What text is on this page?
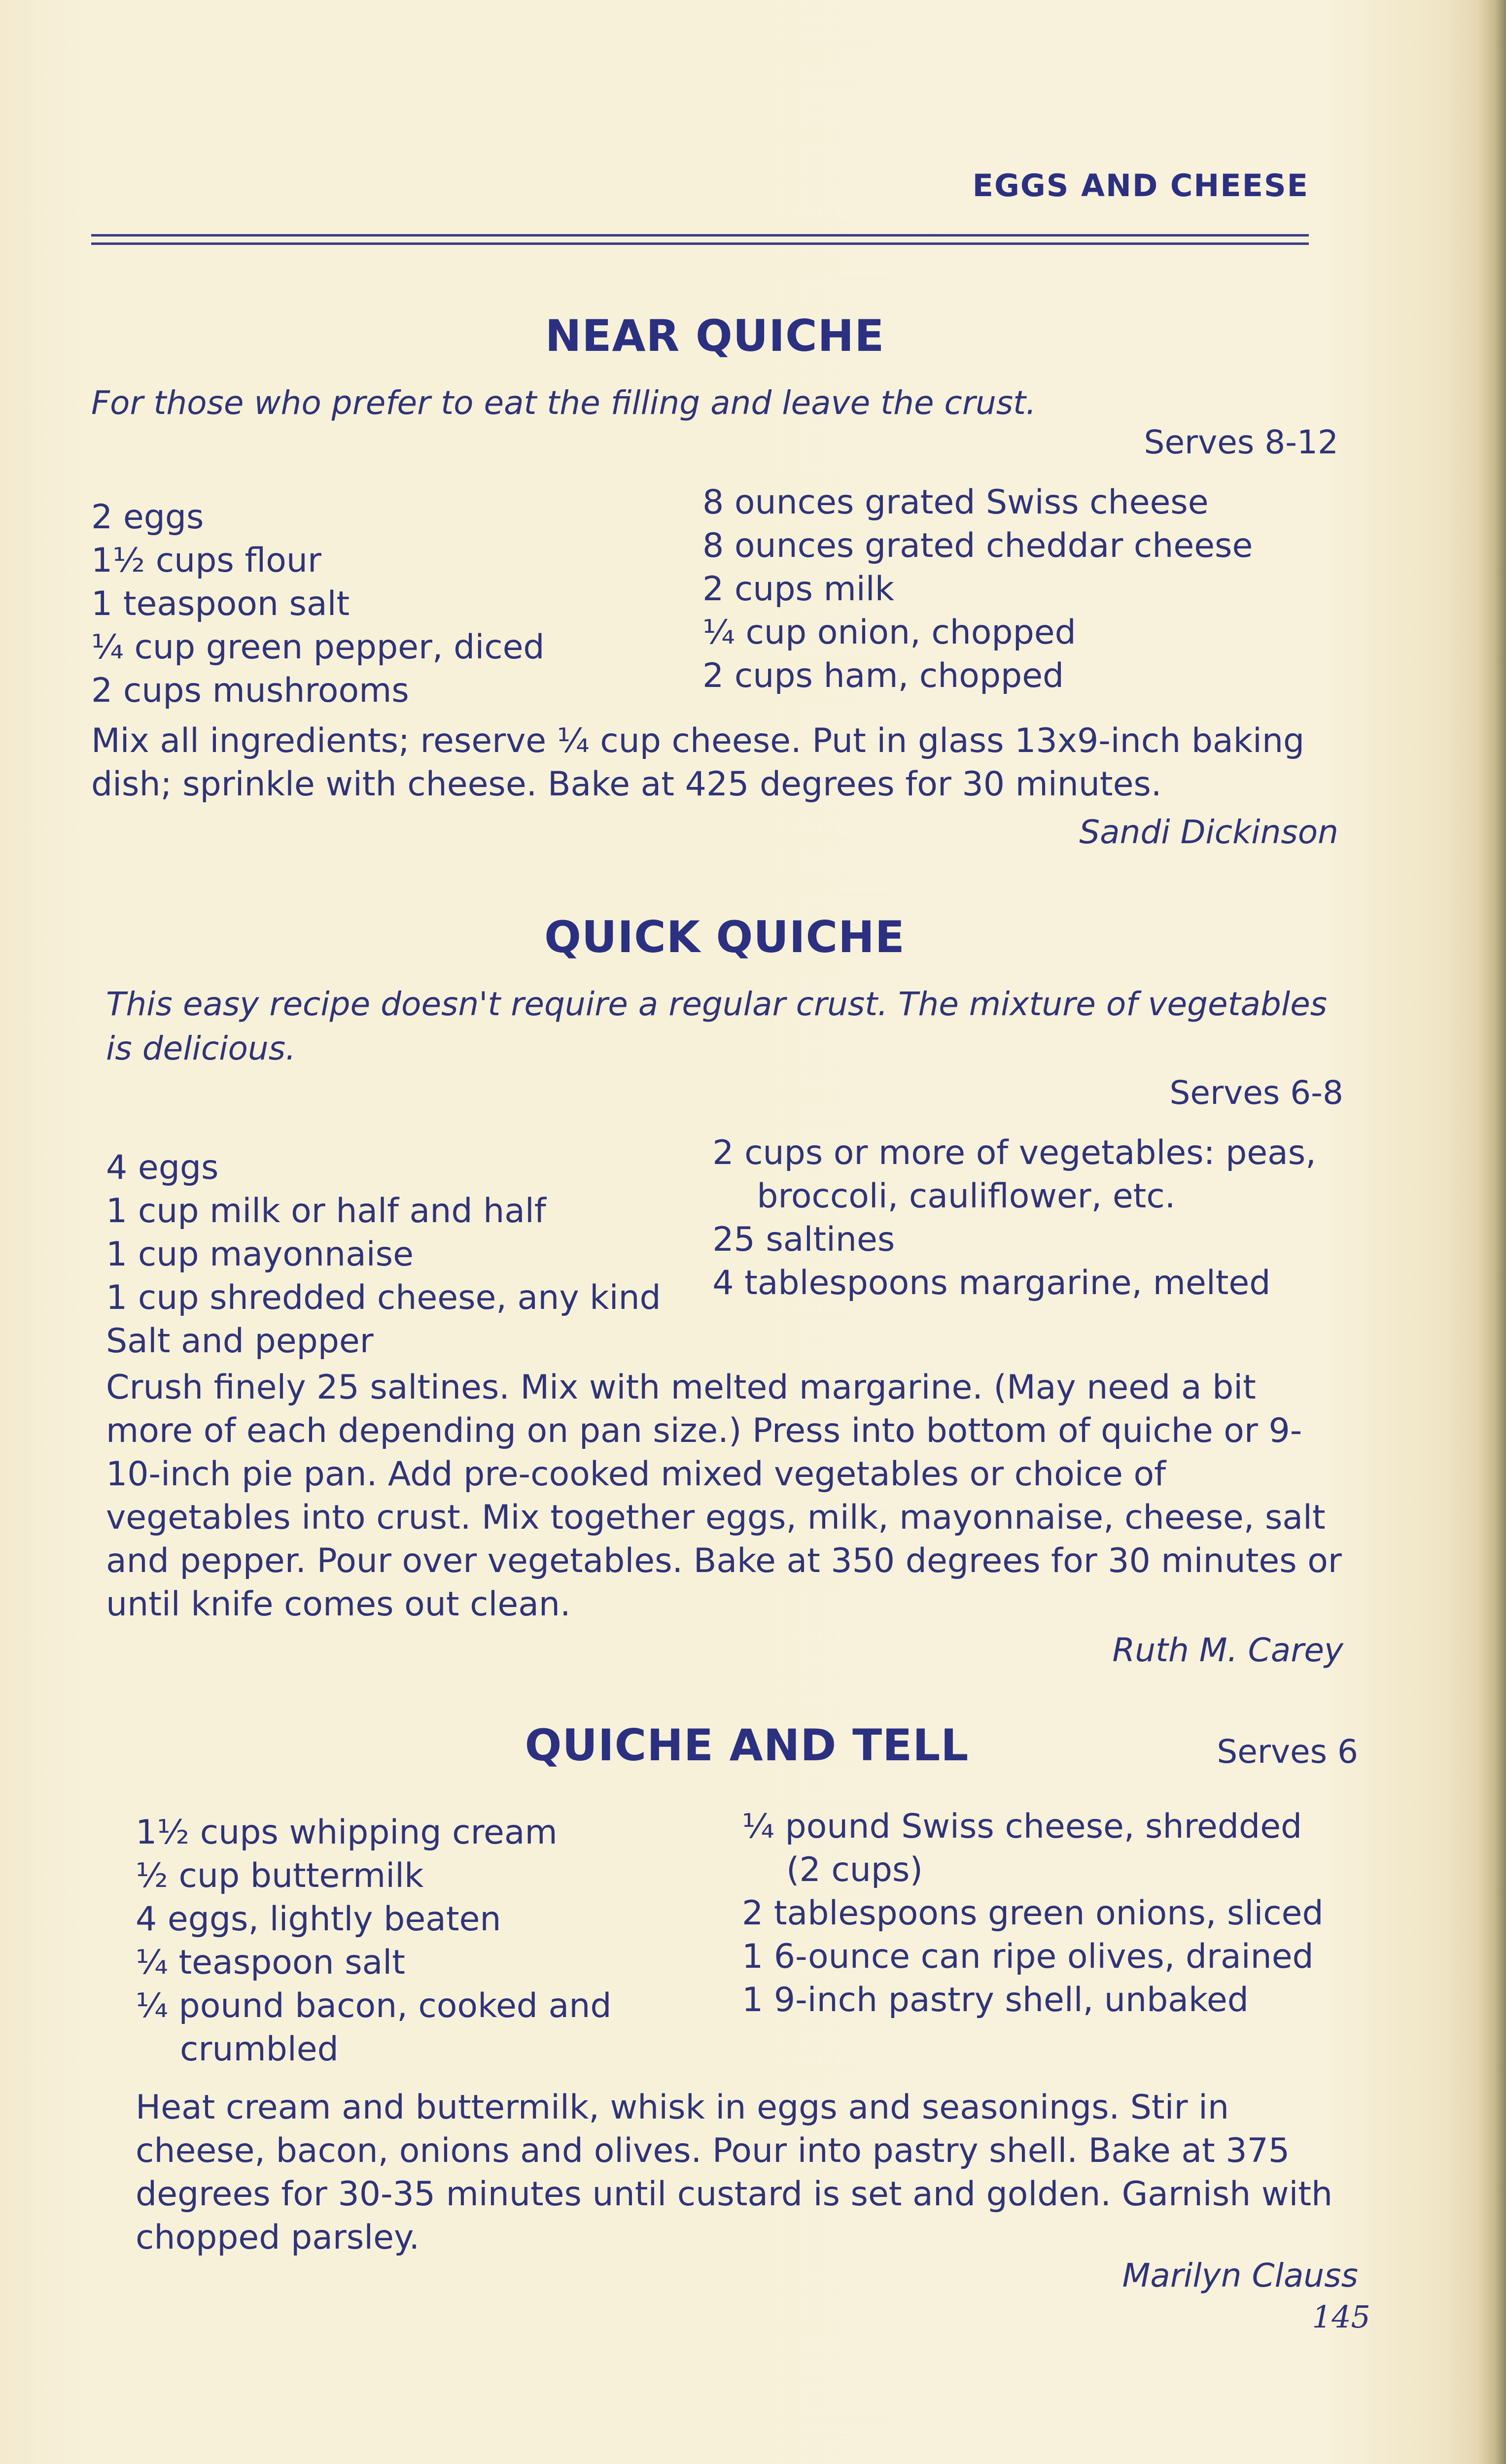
EGGS AND CHEESE
NEAR QUICHE
For those who prefer to eat the filling and leave the crust.
Serves 8-12
2 eggs
1½ cups flour
1 teaspoon salt
¼ cup green pepper, diced
2 cups mushrooms
8 ounces grated Swiss cheese
8 ounces grated cheddar cheese
2 cups milk
¼ cup onion, chopped
2 cups ham, chopped
Mix all ingredients; reserve ¼ cup cheese. Put in glass 13x9-inch baking dish; sprinkle with cheese. Bake at 425 degrees for 30 minutes.
Sandi Dickinson
QUICK QUICHE
This easy recipe doesn't require a regular crust. The mixture of vegetables is delicious.
Serves 6-8
4 eggs
1 cup milk or half and half
1 cup mayonnaise
1 cup shredded cheese, any kind
Salt and pepper
2 cups or more of vegetables: peas,
broccoli, cauliflower, etc.
25 saltines
4 tablespoons margarine, melted
Crush finely 25 saltines. Mix with melted margarine. (May need a bit more of each depending on pan size.) Press into bottom of quiche or 9-10-inch pie pan. Add pre-cooked mixed vegetables or choice of vegetables into crust. Mix together eggs, milk, mayonnaise, cheese, salt and pepper. Pour over vegetables. Bake at 350 degrees for 30 minutes or until knife comes out clean.
Ruth M. Carey
QUICHE AND TELL	Serves 6
1½ cups whipping cream
½ cup buttermilk
4 eggs, lightly beaten
¼ teaspoon salt
¼ pound bacon, cooked and
crumbled
¼ pound Swiss cheese, shredded
(2 cups)
2 tablespoons green onions, sliced
1 6-ounce can ripe olives, drained
1 9-inch pastry shell, unbaked
Heat cream and buttermilk, whisk in eggs and seasonings. Stir in cheese, bacon, onions and olives. Pour into pastry shell. Bake at 375 degrees for 30-35 minutes until custard is set and golden. Garnish with chopped parsley.
Marilyn Clauss
145
